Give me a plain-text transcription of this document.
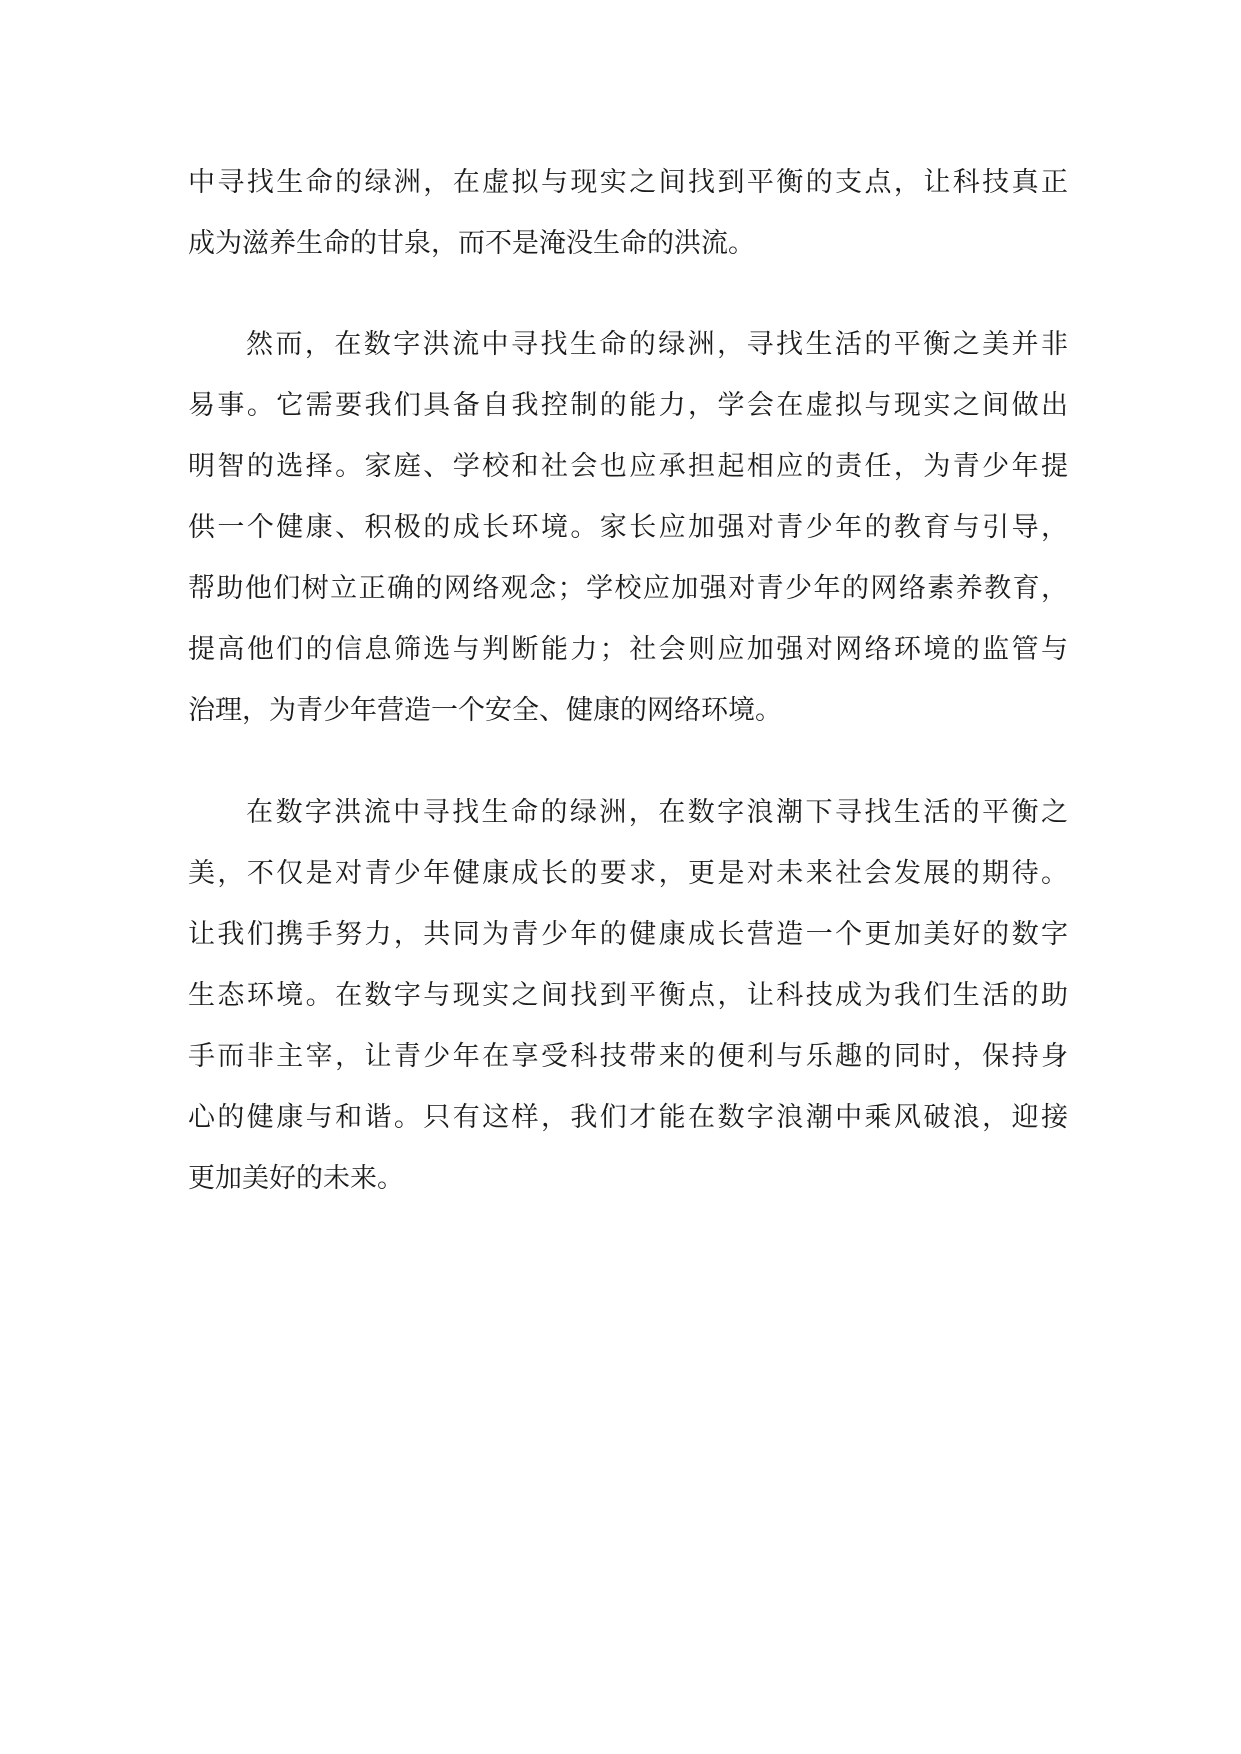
中寻找生命的绿洲，在虚拟与现实之间找到平衡的支点，让科技真正
成为滋养生命的甘泉，而不是淹没生命的洪流。
然而，在数字洪流中寻找生命的绿洲，寻找生活的平衡之美并非
易事。它需要我们具备自我控制的能力，学会在虚拟与现实之间做出
明智的选择。家庭、学校和社会也应承担起相应的责任，为青少年提
供一个健康、积极的成长环境。家长应加强对青少年的教育与引导，
帮助他们树立正确的网络观念；学校应加强对青少年的网络素养教育，
提高他们的信息筛选与判断能力；社会则应加强对网络环境的监管与
治理，为青少年营造一个安全、健康的网络环境。
在数字洪流中寻找生命的绿洲，在数字浪潮下寻找生活的平衡之
美，不仅是对青少年健康成长的要求，更是对未来社会发展的期待。
让我们携手努力，共同为青少年的健康成长营造一个更加美好的数字
生态环境。在数字与现实之间找到平衡点，让科技成为我们生活的助
手而非主宰，让青少年在享受科技带来的便利与乐趣的同时，保持身
心的健康与和谐。只有这样，我们才能在数字浪潮中乘风破浪，迎接
更加美好的未来。
